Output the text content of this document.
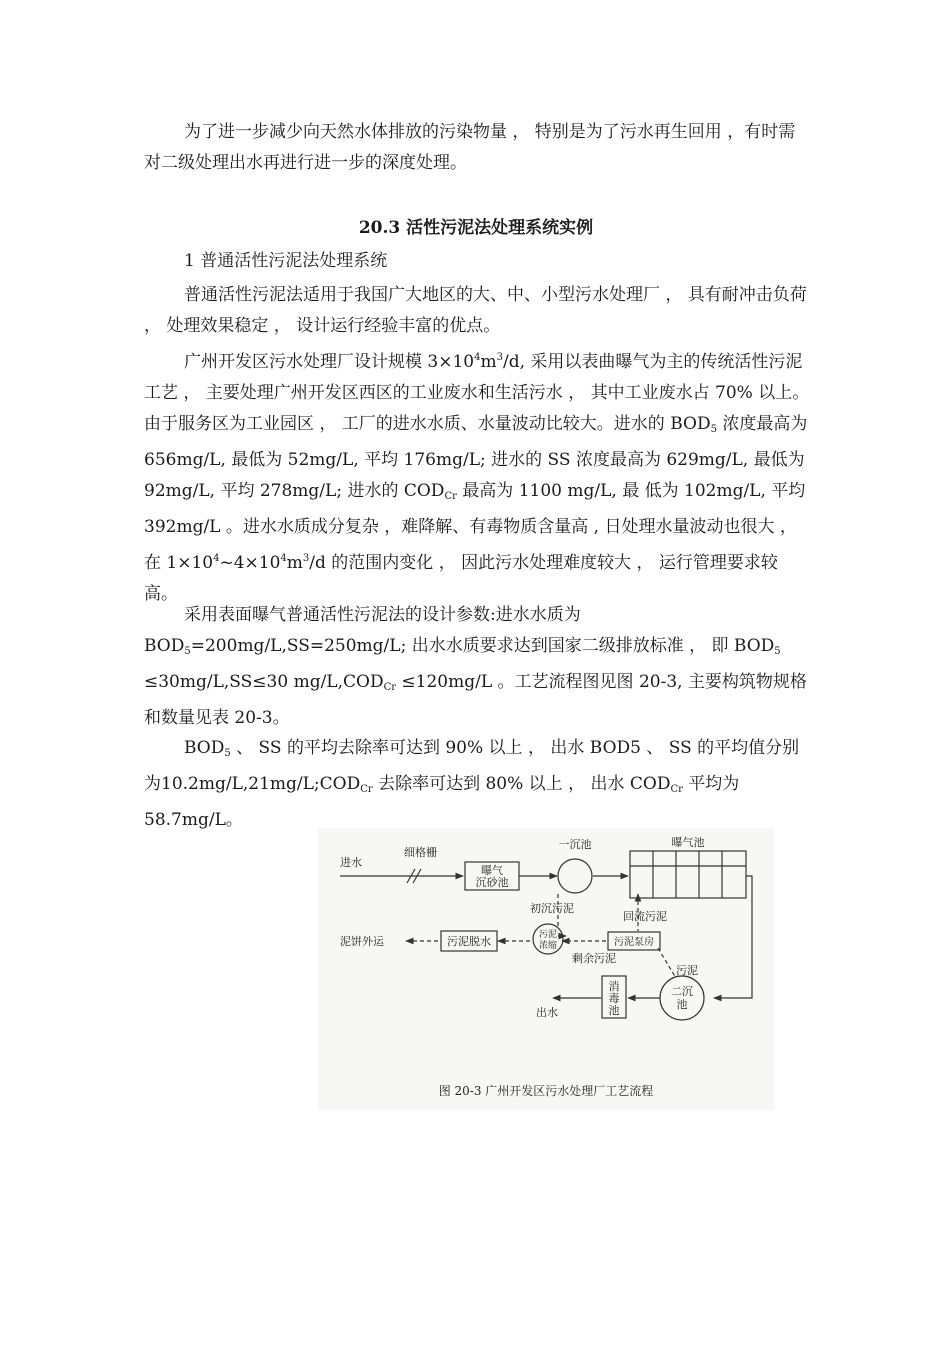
为了进一步减少向天然水体排放的污染物量 ， 特别是为了污水再生回用 ，有时需对二级处理出水再进行进一步的深度处理。

20.3 活性污泥法处理系统实例

1 普通活性污泥法处理系统

普通活性污泥法适用于我国广大地区的大、中、小型污水处理厂 ， 具有耐冲击负荷 ， 处理效果稳定 ， 设计运行经验丰富的优点。

广州开发区污水处理厂设计规模 $3\times 10^4m^3/d$, 采用以表曲曝气为主的传统活性污泥工艺 ， 主要处理广州开发区西区的工业废水和生活污水 ， 其中工业废水占 70% 以上。由于服务区为工业园区 ， 工厂的进水水质、水量波动比较大。进水的 $BOD_5$ 浓度最高为 656mg/L, 最低为 52mg/L, 平均 176mg/L; 进水的 SS 浓度最高为 629mg/L, 最低为 92mg/L, 平均 278mg/L; 进水的 $COD_{Cr}$ 最高为 1100 mg/L, 最 低为 102mg/L, 平均 392mg/L 。进水水质成分复杂 ，难降解、有毒物质含量高 , 日处理水量波动也很大 ， 在 $1\times 10^4\sim 4\times 10^4m^3/d$ 的范围内变化 ， 因此污水处理难度较大 ， 运行管理要求较高。

采用表面曝气普通活性污泥法的设计参数:进水水质为 $BOD_5=200mg/L,SS=250mg/L$; 出水水质要求达到国家二级排放标准 ， 即 $BOD_5 \le 30mg/L,SS\le 30$ $mg/L,COD_{Cr} \le 120mg/L$ 。工艺流程图见图 20-3, 主要构筑物规格和数量见表 20-3。

$BOD_5$ 、 SS 的平均去除率可达到 90% 以上 ， 出水 BOD5 、 SS 的平均值分别为$10.2mg/L,21mg/L;COD_{Cr}$ 去除率可达到 80% 以上 ， 出水 $COD_{Cr}$ 平均为 58.7mg/L。

进水
细格栅
曝气
沉砂池
一沉池	曝气池
初沉污泥
回流污泥
泥饼外运	污泥脱水	污泥
浓缩	污泥泵房
剩余污泥
污泥
二沉
池
消
毒
池
出水
图 20-3 广州开发区污水处理厂工艺流程
